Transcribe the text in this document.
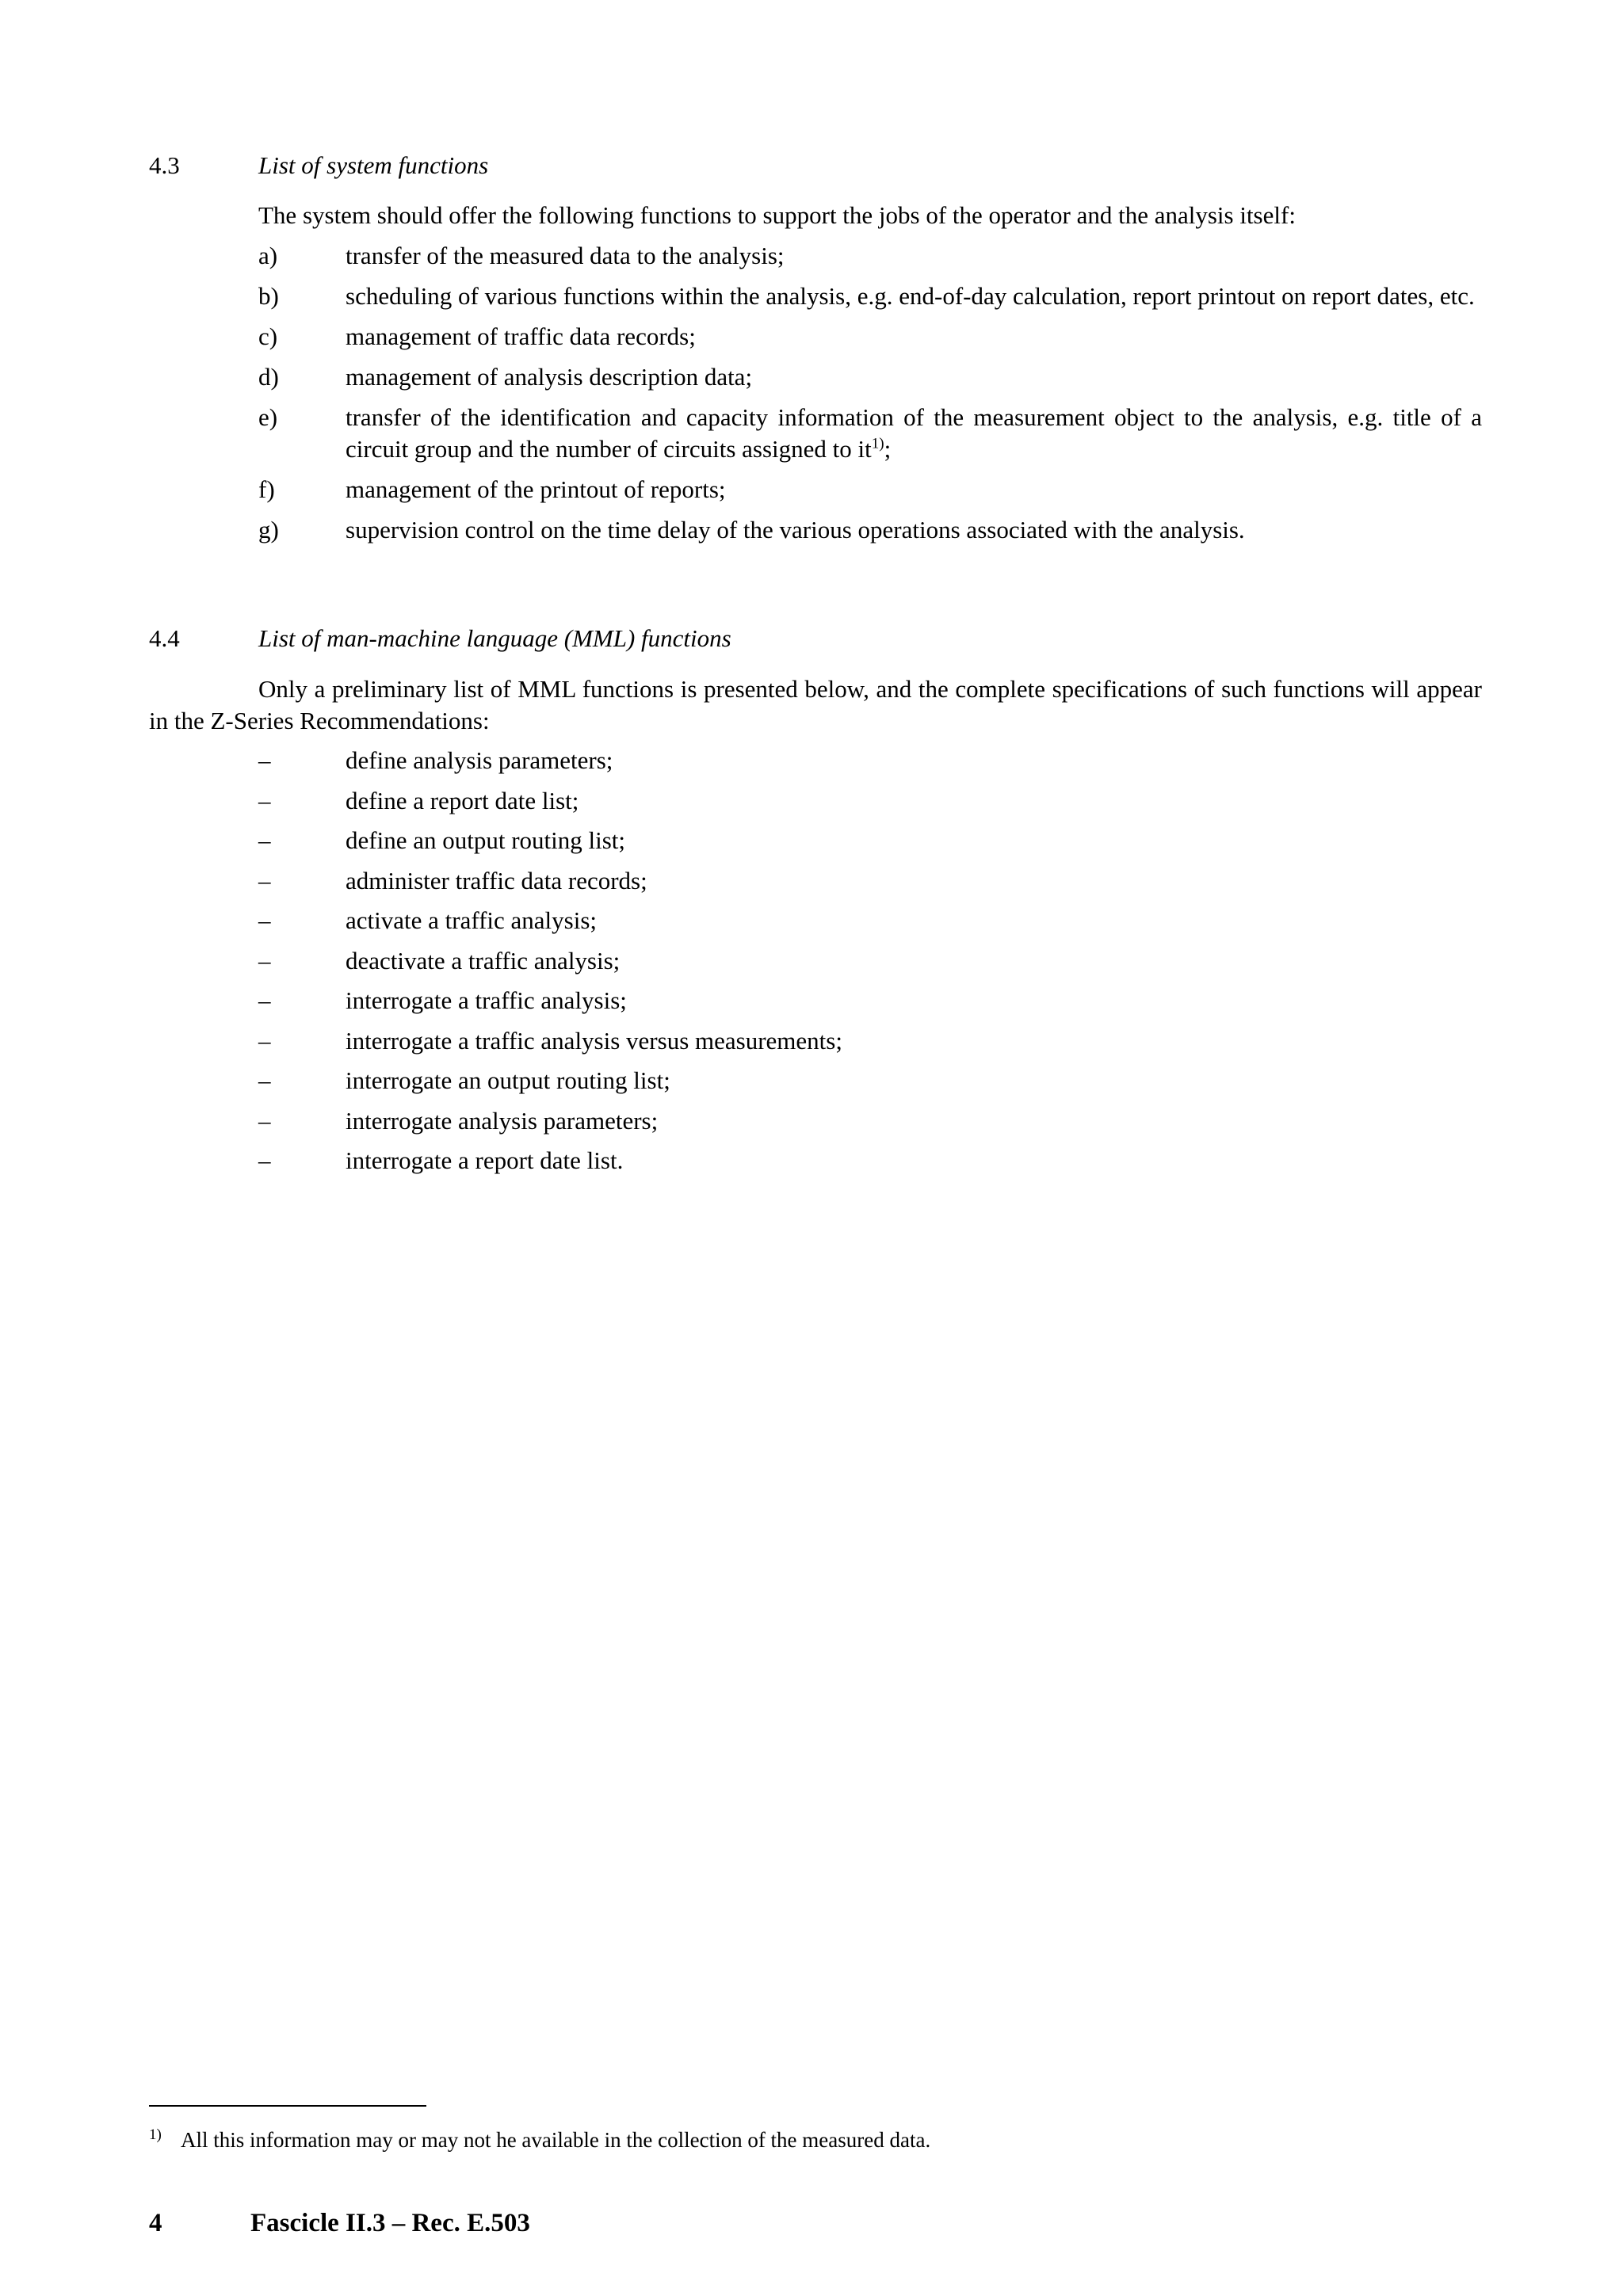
4.3	List of system functions
The system should offer the following functions to support the jobs of the operator and the analysis itself:
a)	transfer of the measured data to the analysis;
b)	scheduling of various functions within the analysis, e.g. end-of-day calculation, report printout on report dates, etc.
c)	management of traffic data records;
d)	management of analysis description data;
e)	transfer of the identification and capacity information of the measurement object to the analysis, e.g. title of a circuit group and the number of circuits assigned to it$^{1)}$;
f)	management of the printout of reports;
g)	supervision control on the time delay of the various operations associated with the analysis.
4.4	List of man-machine language (MML) functions
Only a preliminary list of MML functions is presented below, and the complete specifications of such functions will appear in the Z-Series Recommendations:
–	define analysis parameters;
–	define a report date list;
–	define an output routing list;
–	administer traffic data records;
–	activate a traffic analysis;
–	deactivate a traffic analysis;
–	interrogate a traffic analysis;
–	interrogate a traffic analysis versus measurements;
–	interrogate an output routing list;
–	interrogate analysis parameters;
–	interrogate a report date list.
1) All this information may or may not he available in the collection of the measured data.
4	Fascicle II.3 – Rec. E.503
